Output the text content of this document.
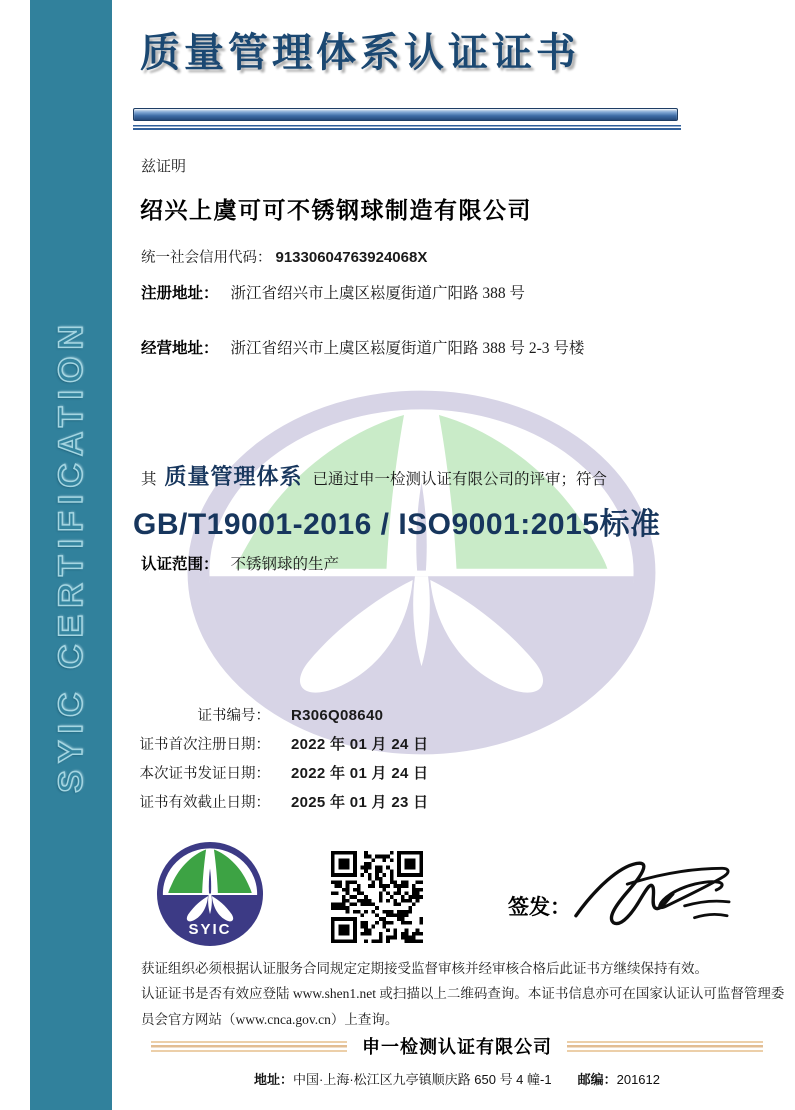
SYIC CERTIFICATION
质量管理体系认证证书
兹证明
绍兴上虞可可不锈钢球制造有限公司
统一社会信用代码： 91330604763924068X
注册地址： 浙江省绍兴市上虞区崧厦街道广阳路 388 号
经营地址： 浙江省绍兴市上虞区崧厦街道广阳路 388 号 2-3 号楼
其 质量管理体系 已通过申一检测认证有限公司的评审；符合
GB/T19001-2016 / ISO9001:2015标准
认证范围： 不锈钢球的生产
证书编号： R306Q08640
证书首次注册日期： 2022 年 01 月 24 日
本次证书发证日期： 2022 年 01 月 24 日
证书有效截止日期： 2025 年 01 月 23 日
SYIC
签发：

获证组织必须根据认证服务合同规定定期接受监督审核并经审核合格后此证书方继续保持有效。

认证证书是否有效应登陆 www.shen1.net 或扫描以上二维码查询。本证书信息亦可在国家认证认可监督管理委员会官方网站（www.cnca.gov.cn）上查询。

申一检测认证有限公司
地址：中国·上海·松江区九亭镇顺庆路 650 号 4 幢-1 邮编：201612
